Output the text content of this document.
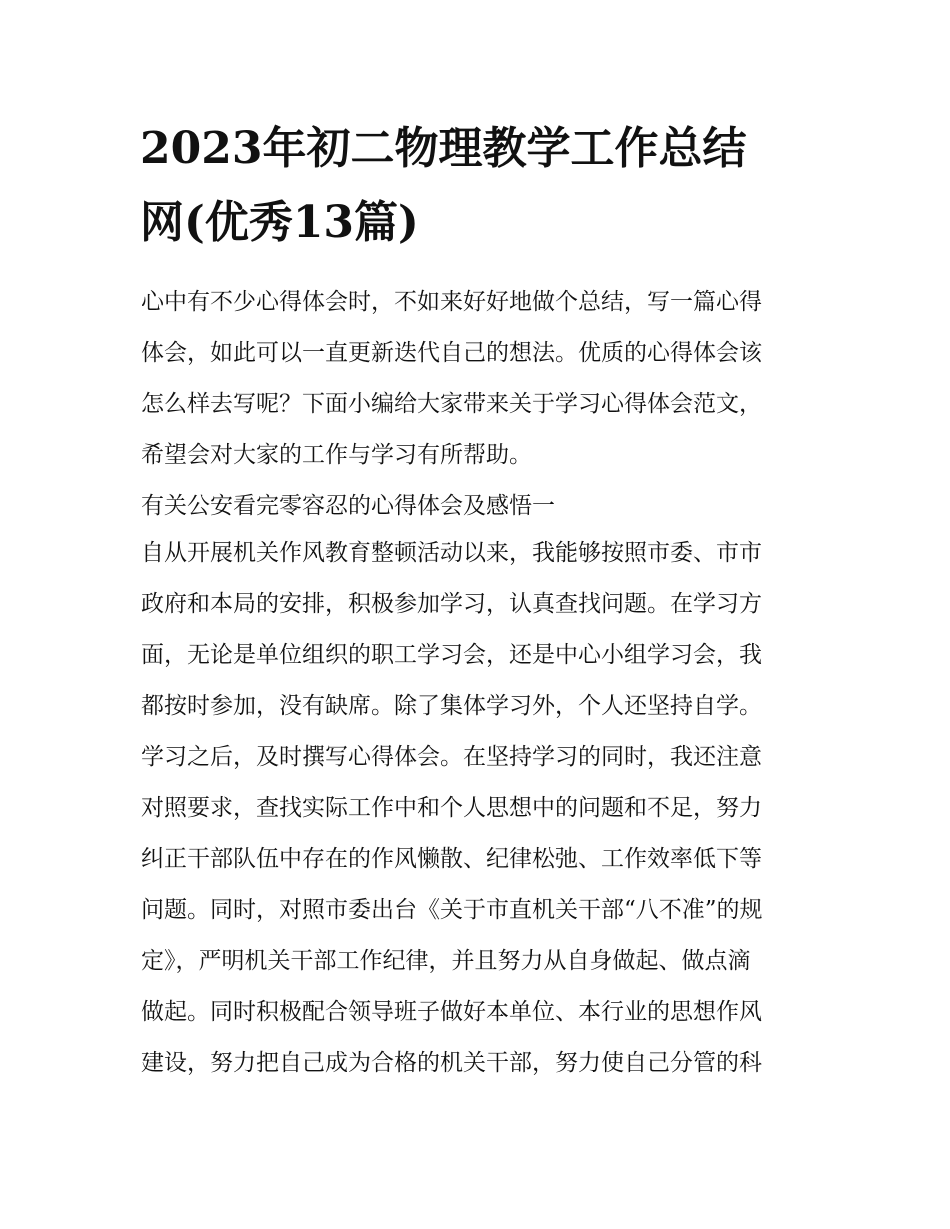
2023年初二物理教学工作总结
网(优秀13篇)
心中有不少心得体会时，不如来好好地做个总结，写一篇心得
体会，如此可以一直更新迭代自己的想法。优质的心得体会该
怎么样去写呢？下面小编给大家带来关于学习心得体会范文，
希望会对大家的工作与学习有所帮助。
有关公安看完零容忍的心得体会及感悟一
自从开展机关作风教育整顿活动以来，我能够按照市委、市市
政府和本局的安排，积极参加学习，认真查找问题。在学习方
面，无论是单位组织的职工学习会，还是中心小组学习会，我
都按时参加，没有缺席。除了集体学习外，个人还坚持自学。
学习之后，及时撰写心得体会。在坚持学习的同时，我还注意
对照要求，查找实际工作中和个人思想中的问题和不足，努力
纠正干部队伍中存在的作风懒散、纪律松弛、工作效率低下等
问题。同时，对照市委出台《关于市直机关干部“八不准”的规
定》，严明机关干部工作纪律，并且努力从自身做起、做点滴
做起。同时积极配合领导班子做好本单位、本行业的思想作风
建设，努力把自己成为合格的机关干部，努力使自己分管的科
